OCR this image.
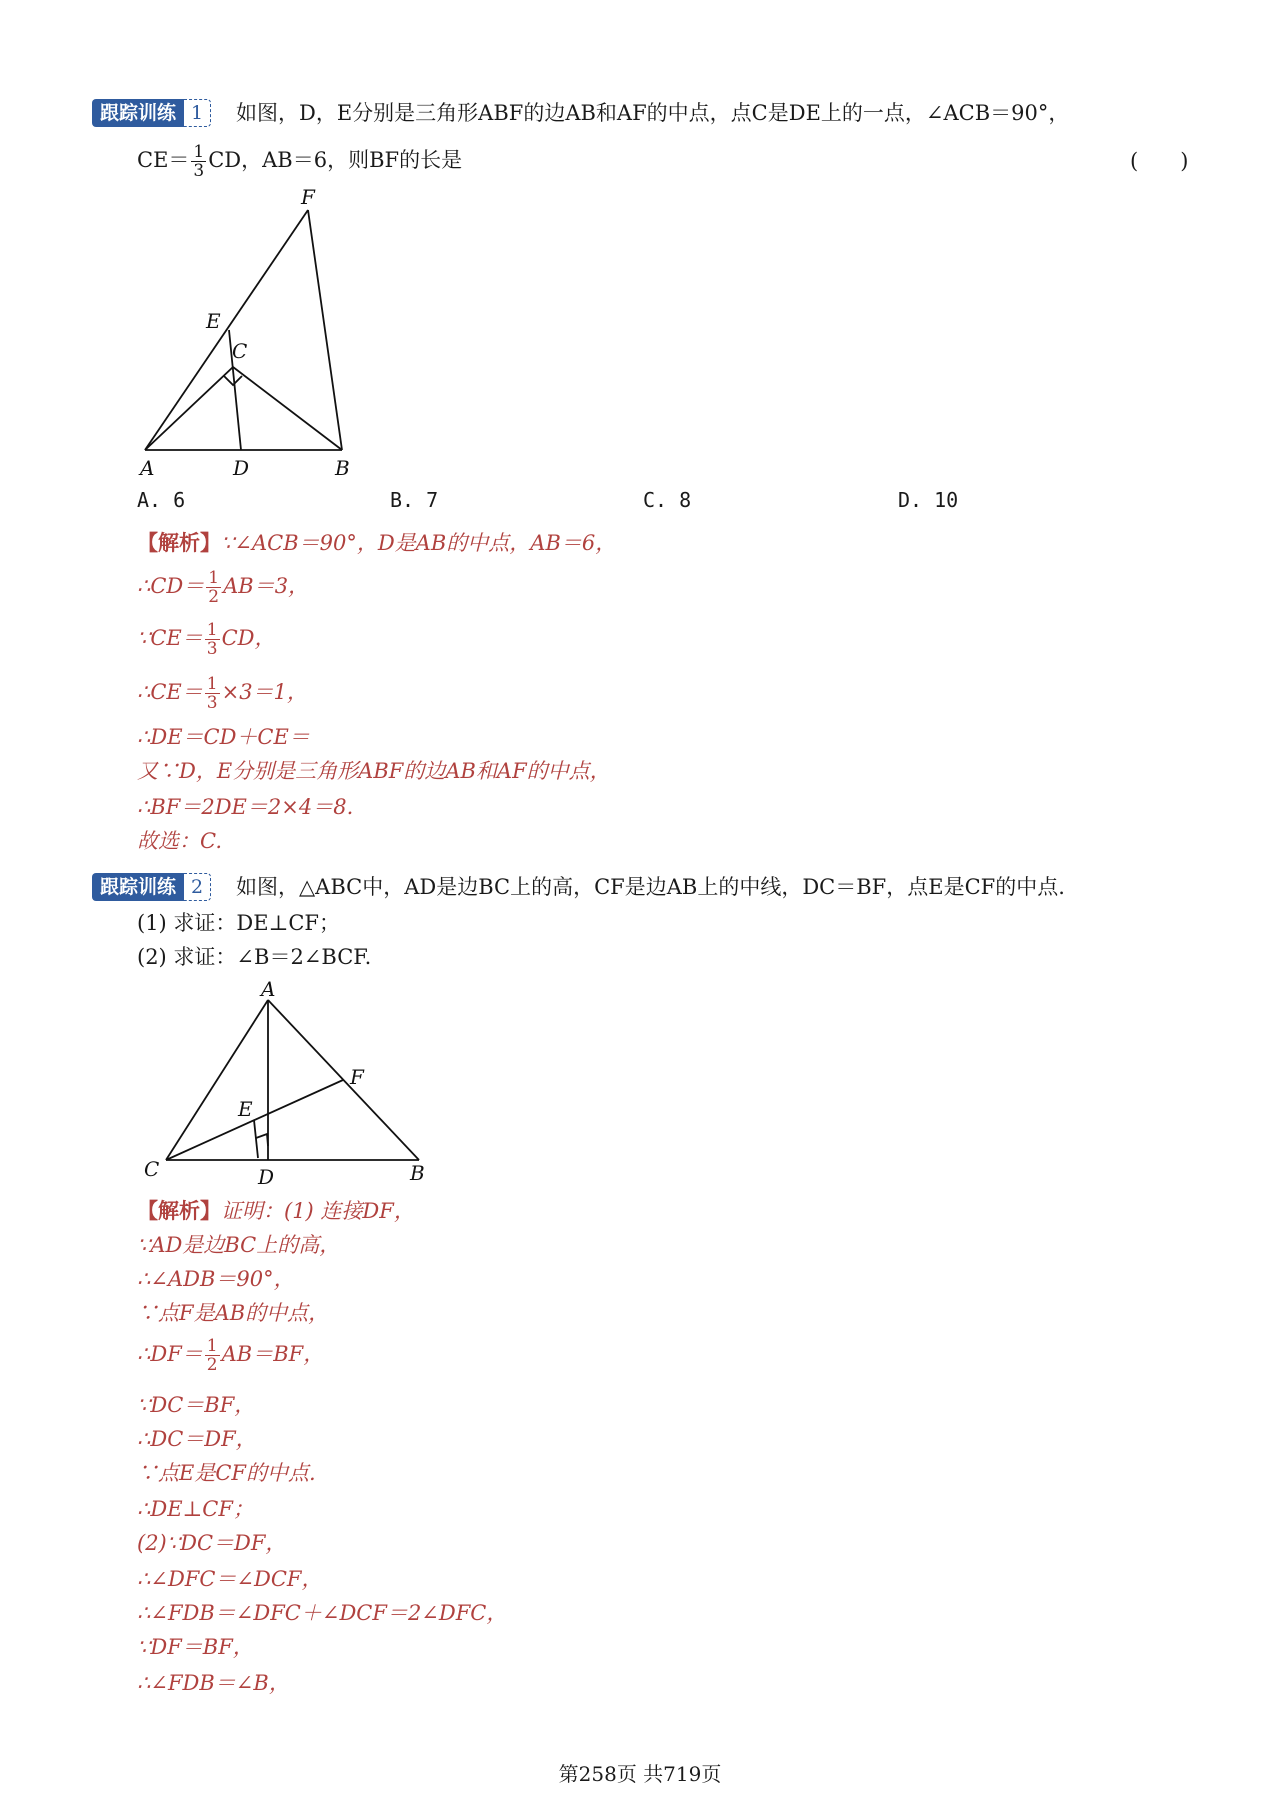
跟踪训练 1	如图，D，E分别是三角形ABF的边AB和AF的中点，点C是DE上的一点，∠ACB＝90°，
$CE= \frac{1}{3}$ CD，AB＝6，则BF的长是	(　　)
F
E
C
A	D	B
A. 6	B. 7	C. 8	D. 10
【解析】∵∠ACB＝90°，D是AB的中点，AB＝6，
∴CD＝ $\frac{1}{2} AB=3$，
∵CE＝ $\frac{1}{3}$ CD，
∴CE＝ $\frac{1}{3} \times 3=1$，
∴DE＝CD＋CE＝
又∵D，E分别是三角形ABF的边AB和AF的中点，
∴BF＝2DE＝2×4＝8.
故选：C.
跟踪训练 2	如图，△ABC中，AD是边BC上的高，CF是边AB上的中线，DC＝BF，点E是CF的中点.
(1) 求证：DE⊥CF；
(2) 求证：∠B＝2∠BCF.
A
F
E
C	D	B
【解析】证明：(1) 连接DF，
∵AD是边BC上的高，
∴∠ADB＝90°，
∵点F是AB的中点，
∴DF＝ $\frac{1}{2} AB=BF$，
∵DC＝BF，
∴DC＝DF，
∵点E是CF的中点.
∴DE⊥CF；
(2)∵DC＝DF，
∴∠DFC＝∠DCF，
∴∠FDB＝∠DFC＋∠DCF＝2∠DFC，
∵DF＝BF，
∴∠FDB＝∠B，
第258页 共719页
